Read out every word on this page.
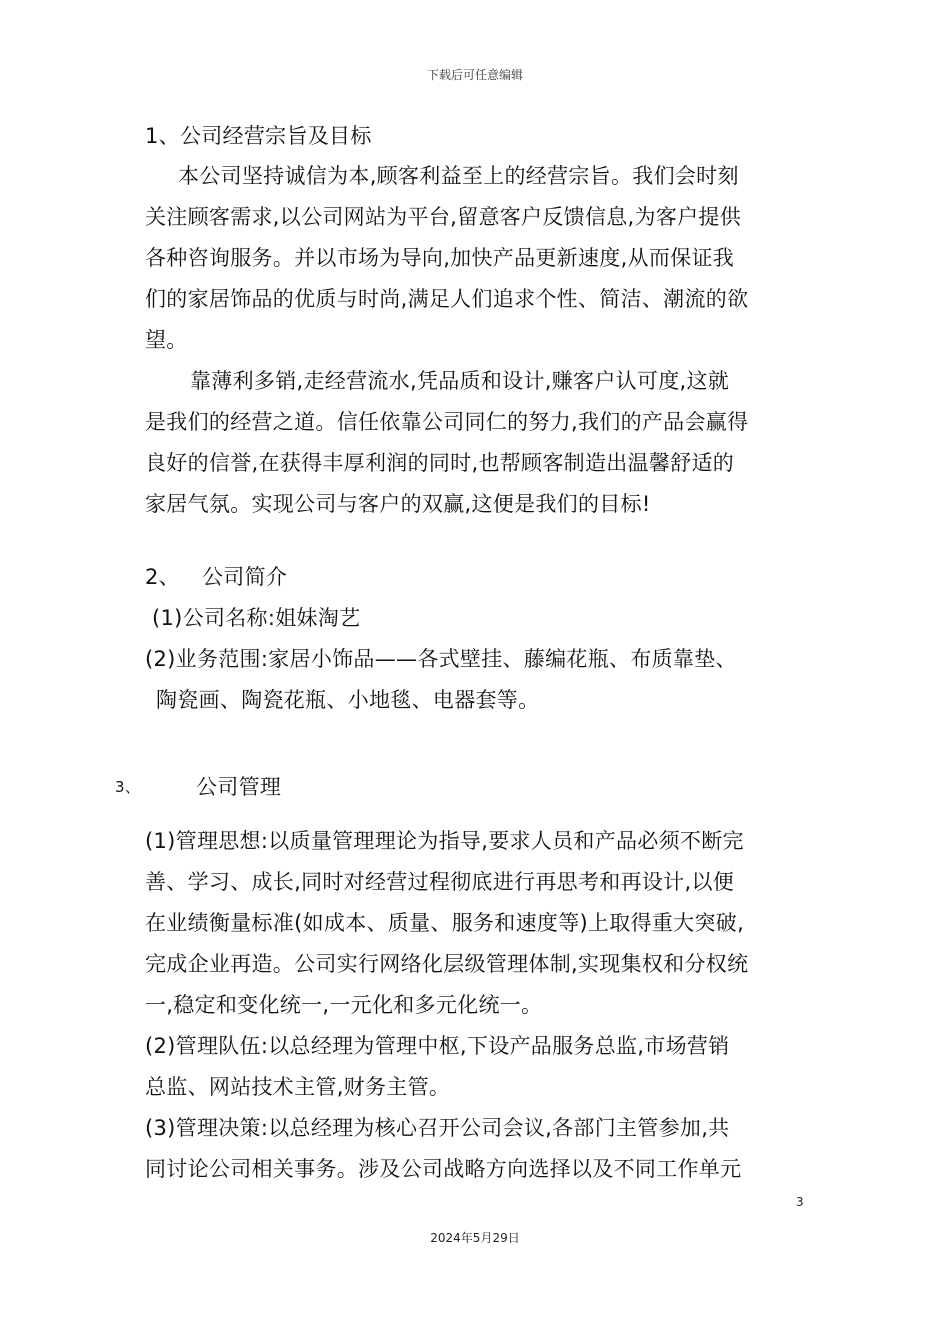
下载后可任意编辑
1、公司经营宗旨及目标
本公司坚持诚信为本,顾客利益至上的经营宗旨。我们会时刻
关注顾客需求,以公司网站为平台,留意客户反馈信息,为客户提供
各种咨询服务。并以市场为导向,加快产品更新速度,从而保证我
们的家居饰品的优质与时尚,满足人们追求个性、简洁、潮流的欲
望。
靠薄利多销,走经营流水,凭品质和设计,赚客户认可度,这就
是我们的经营之道。信任依靠公司同仁的努力,我们的产品会赢得
良好的信誉,在获得丰厚利润的同时,也帮顾客制造出温馨舒适的
家居气氛。实现公司与客户的双赢,这便是我们的目标!
2、 公司简介
(1)公司名称:姐妹淘艺
(2)业务范围:家居小饰品——各式壁挂、藤编花瓶、布质靠垫、
陶瓷画、陶瓷花瓶、小地毯、电器套等。
3、	公司管理
(1)管理思想:以质量管理理论为指导,要求人员和产品必须不断完
善、学习、成长,同时对经营过程彻底进行再思考和再设计,以便
在业绩衡量标准(如成本、质量、服务和速度等)上取得重大突破,
完成企业再造。公司实行网络化层级管理体制,实现集权和分权统
一,稳定和变化统一,一元化和多元化统一。
(2)管理队伍:以总经理为管理中枢,下设产品服务总监,市场营销
总监、网站技术主管,财务主管。
(3)管理决策:以总经理为核心召开公司会议,各部门主管参加,共
同讨论公司相关事务。涉及公司战略方向选择以及不同工作单元
3
2024年5月29日
